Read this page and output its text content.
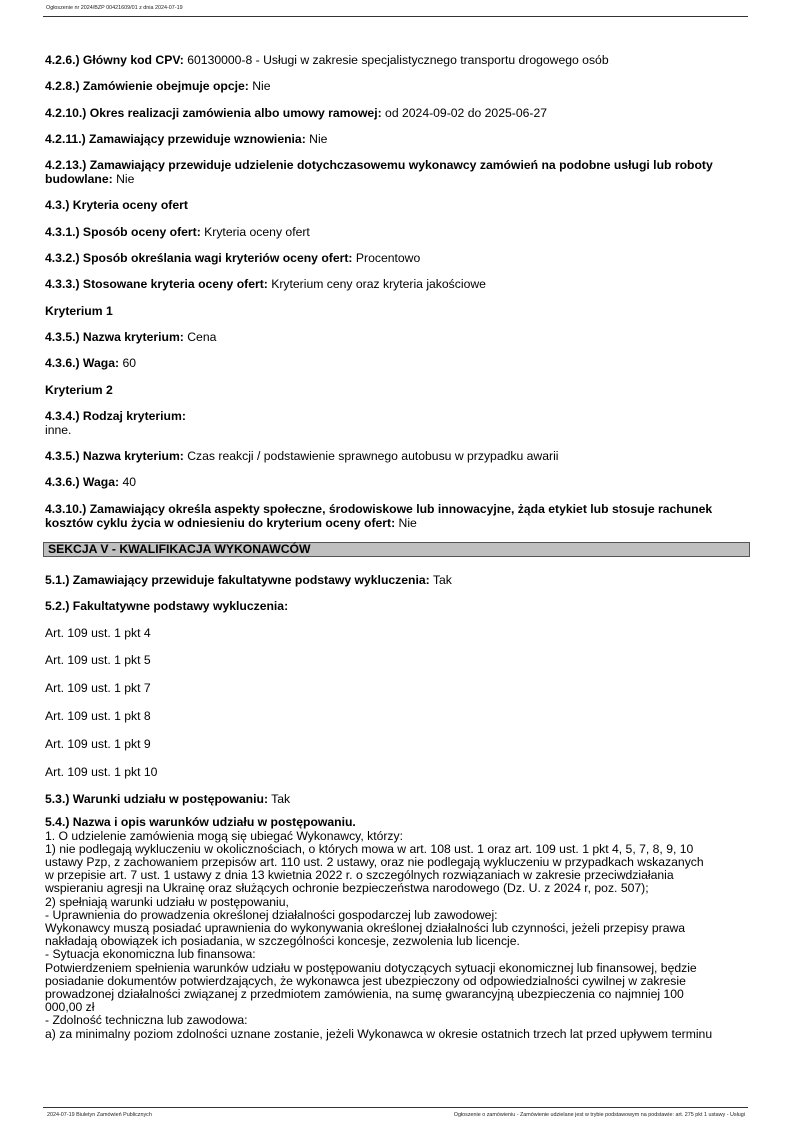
Ogłoszenie nr 2024/BZP 00421609/01 z dnia 2024-07-19
4.2.6.) Główny kod CPV: 60130000-8 - Usługi w zakresie specjalistycznego transportu drogowego osób
4.2.8.) Zamówienie obejmuje opcje: Nie
4.2.10.) Okres realizacji zamówienia albo umowy ramowej: od 2024-09-02 do 2025-06-27
4.2.11.) Zamawiający przewiduje wznowienia: Nie
4.2.13.) Zamawiający przewiduje udzielenie dotychczasowemu wykonawcy zamówień na podobne usługi lub roboty budowlane: Nie
4.3.) Kryteria oceny ofert
4.3.1.) Sposób oceny ofert: Kryteria oceny ofert
4.3.2.) Sposób określania wagi kryteriów oceny ofert: Procentowo
4.3.3.) Stosowane kryteria oceny ofert: Kryterium ceny oraz kryteria jakościowe
Kryterium 1
4.3.5.) Nazwa kryterium: Cena
4.3.6.) Waga: 60
Kryterium 2
4.3.4.) Rodzaj kryterium:
inne.
4.3.5.) Nazwa kryterium: Czas reakcji / podstawienie sprawnego autobusu w przypadku awarii
4.3.6.) Waga: 40
4.3.10.) Zamawiający określa aspekty społeczne, środowiskowe lub innowacyjne, żąda etykiet lub stosuje rachunek kosztów cyklu życia w odniesieniu do kryterium oceny ofert: Nie
SEKCJA V - KWALIFIKACJA WYKONAWCÓW
5.1.) Zamawiający przewiduje fakultatywne podstawy wykluczenia: Tak
5.2.) Fakultatywne podstawy wykluczenia:
Art. 109 ust. 1 pkt 4
Art. 109 ust. 1 pkt 5
Art. 109 ust. 1 pkt 7
Art. 109 ust. 1 pkt 8
Art. 109 ust. 1 pkt 9
Art. 109 ust. 1 pkt 10
5.3.) Warunki udziału w postępowaniu: Tak
5.4.) Nazwa i opis warunków udziału w postępowaniu.
1. O udzielenie zamówienia mogą się ubiegać Wykonawcy, którzy:
1) nie podlegają wykluczeniu w okolicznościach, o których mowa w art. 108 ust. 1 oraz art. 109 ust. 1 pkt 4, 5, 7, 8, 9, 10
ustawy Pzp, z zachowaniem przepisów art. 110 ust. 2 ustawy, oraz nie podlegają wykluczeniu w przypadkach wskazanych
w przepisie art. 7 ust. 1 ustawy z dnia 13 kwietnia 2022 r. o szczególnych rozwiązaniach w zakresie przeciwdziałania
wspieraniu agresji na Ukrainę oraz służących ochronie bezpieczeństwa narodowego (Dz. U. z 2024 r, poz. 507);
2) spełniają warunki udziału w postępowaniu,
- Uprawnienia do prowadzenia określonej działalności gospodarczej lub zawodowej:
Wykonawcy muszą posiadać uprawnienia do wykonywania określonej działalności lub czynności, jeżeli przepisy prawa
nakładają obowiązek ich posiadania, w szczególności koncesje, zezwolenia lub licencje.
- Sytuacja ekonomiczna lub finansowa:
Potwierdzeniem spełnienia warunków udziału w postępowaniu dotyczących sytuacji ekonomicznej lub finansowej, będzie
posiadanie dokumentów potwierdzających, że wykonawca jest ubezpieczony od odpowiedzialności cywilnej w zakresie
prowadzonej działalności związanej z przedmiotem zamówienia, na sumę gwarancyjną ubezpieczenia co najmniej 100
000,00 zł
- Zdolność techniczna lub zawodowa:
a) za minimalny poziom zdolności uznane zostanie, jeżeli Wykonawca w okresie ostatnich trzech lat przed upływem terminu
2024-07-19 Biuletyn Zamówień Publicznych	Ogłoszenie o zamówieniu - Zamówienie udzielane jest w trybie podstawowym na podstawie: art. 275 pkt 1 ustawy - Usługi
